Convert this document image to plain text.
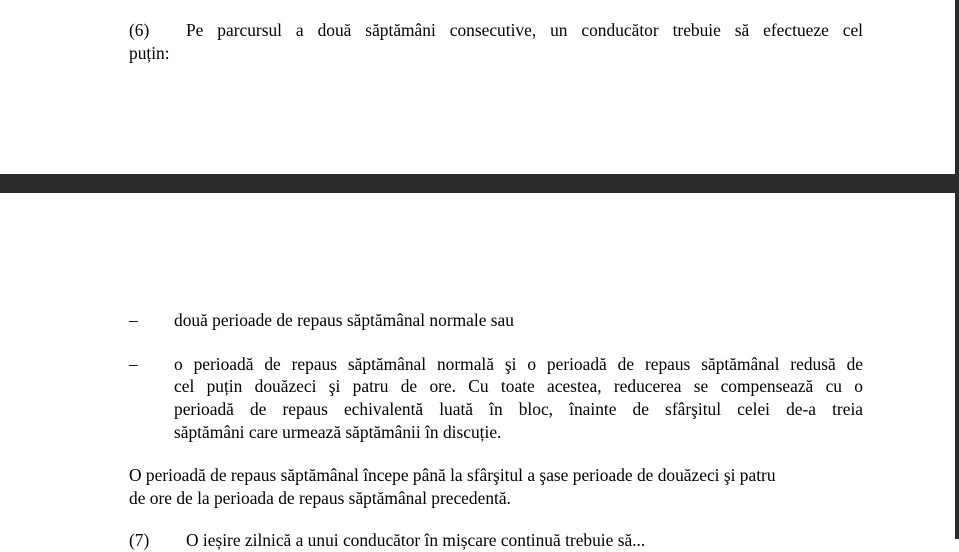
(6) Pe parcursul a două săptămâni consecutive, un conducător trebuie să efectueze cel
puțin:
– două perioade de repaus săptămânal normale sau
– o perioadă de repaus săptămânal normală şi o perioadă de repaus săptămânal redusă de
cel puțin douăzeci şi patru de ore. Cu toate acestea, reducerea se compensează cu o
perioadă de repaus echivalentă luată în bloc, înainte de sfârşitul celei de-a treia
săptămâni care urmează săptămânii în discuție.
O perioadă de repaus săptămânal începe până la sfârşitul a şase perioade de douăzeci şi patru
de ore de la perioada de repaus săptămânal precedentă.
(7) O ieșire zilnică a unui conducător în mișcare continuă trebuie să...
